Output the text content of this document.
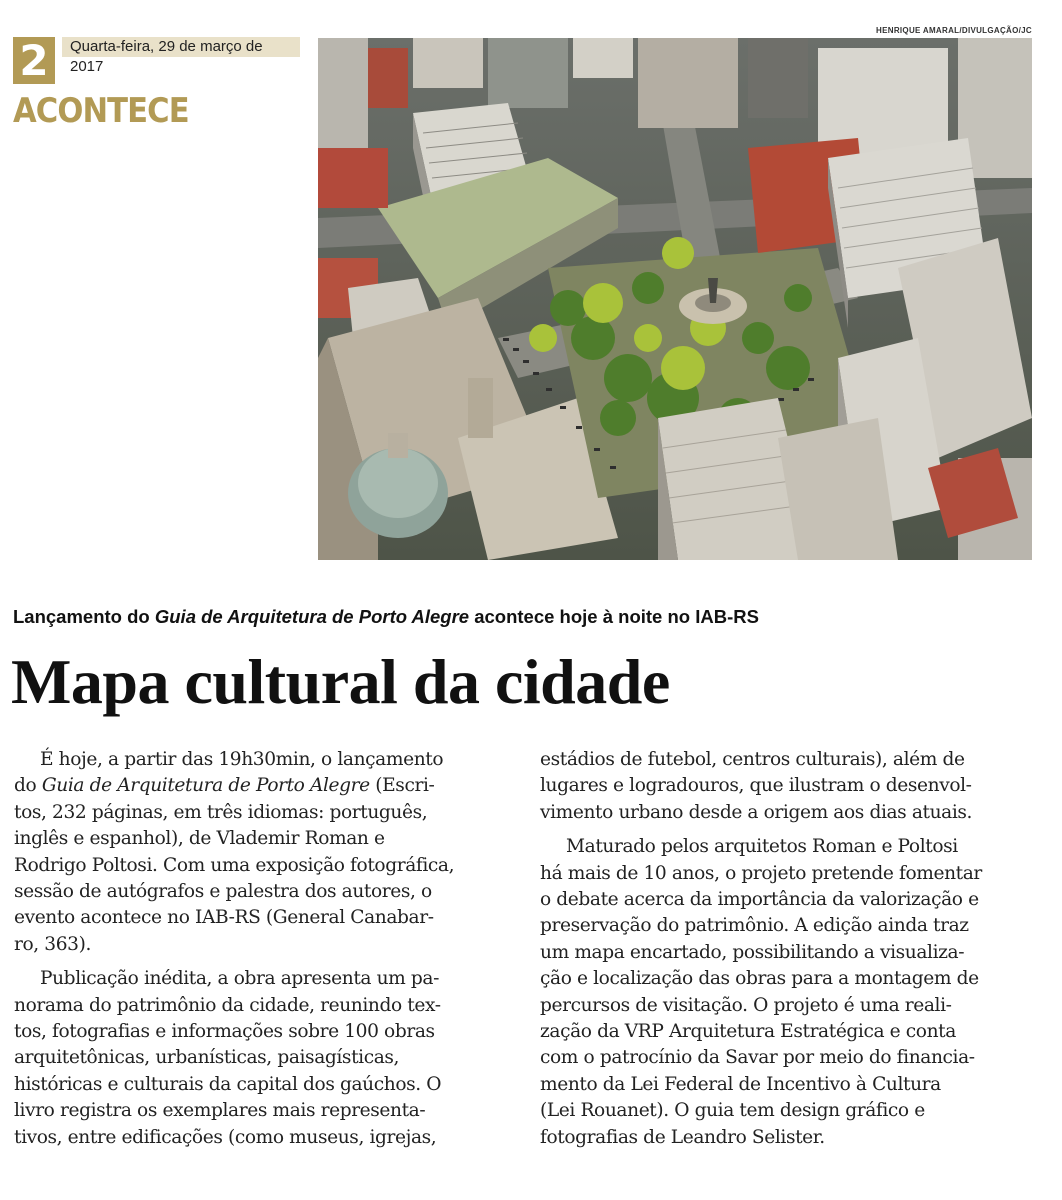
2	Quarta-feira, 29 de março de 2017
ACONTECE
HENRIQUE AMARAL/DIVULGAÇÃO/JC
Lançamento do Guia de Arquitetura de Porto Alegre acontece hoje à noite no IAB-RS
Mapa cultural da cidade

É hoje, a partir das 19h30min, o lançamento

do Guia de Arquitetura de Porto Alegre (Escri-
tos, 232 páginas, em três idiomas: português,
inglês e espanhol), de Vlademir Roman e
Rodrigo Poltosi. Com uma exposição fotográfica,
sessão de autógrafos e palestra dos autores, o
evento acontece no IAB-RS (General Canabar-
ro, 363).

Publicação inédita, a obra apresenta um pa-
norama do patrimônio da cidade, reunindo tex-
tos, fotografias e informações sobre 100 obras
arquitetônicas, urbanísticas, paisagísticas,
históricas e culturais da capital dos gaúchos. O
livro registra os exemplares mais representa-
tivos, entre edificações (como museus, igrejas,

estádios de futebol, centros culturais), além de
lugares e logradouros, que ilustram o desenvol-
vimento urbano desde a origem aos dias atuais.

Maturado pelos arquitetos Roman e Poltosi
há mais de 10 anos, o projeto pretende fomentar
o debate acerca da importância da valorização e
preservação do patrimônio. A edição ainda traz
um mapa encartado, possibilitando a visualiza-
ção e localização das obras para a montagem de
percursos de visitação. O projeto é uma reali-
zação da VRP Arquitetura Estratégica e conta
com o patrocínio da Savar por meio do financia-
mento da Lei Federal de Incentivo à Cultura
(Lei Rouanet). O guia tem design gráfico e
fotografias de Leandro Selister.
